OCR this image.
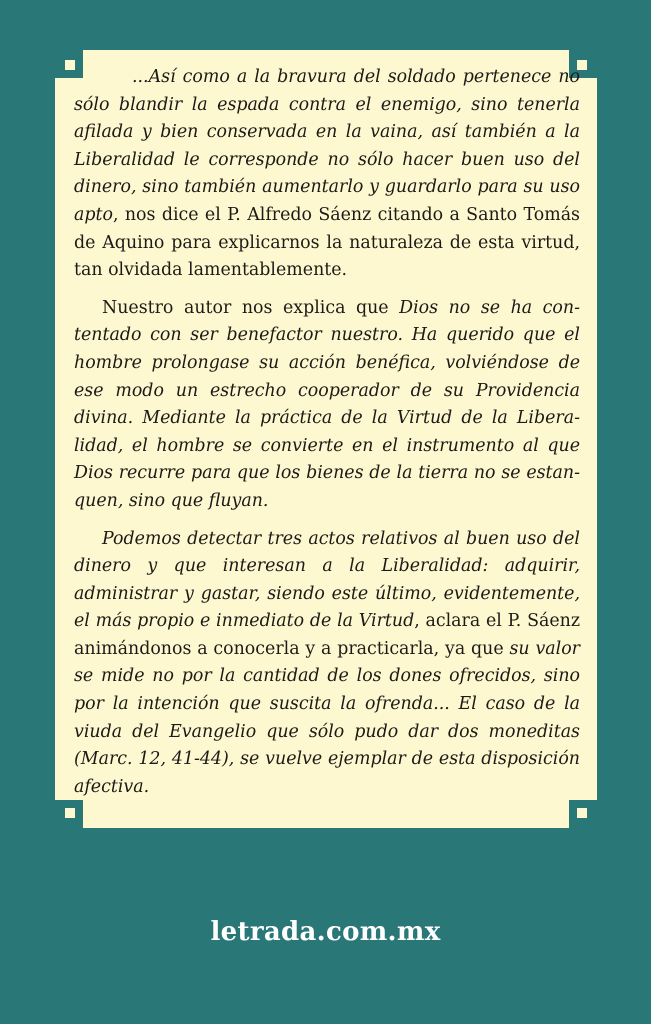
...Así como a la bravura del soldado pertenece no sólo blandir la espada contra el enemigo, sino tenerla afilada y bien conservada en la vaina, así también a la Liberalidad le corresponde no sólo hacer buen uso del dinero, sino también aumentarlo y guardarlo para su uso apto, nos dice el P. Alfredo Sáenz citando a Santo Tomás de Aquino para explicarnos la naturaleza de esta virtud, tan olvidada lamentablemente.

Nuestro autor nos explica que Dios no se ha contentado con ser benefactor nuestro. Ha querido que el hombre prolongase su acción benéfica, volviéndose de ese modo un estrecho cooperador de su Providencia divina. Mediante la práctica de la Virtud de la Liberalidad, el hombre se convierte en el instrumento al que Dios recurre para que los bienes de la tierra no se estanquen, sino que fluyan.

Podemos detectar tres actos relativos al buen uso del dinero y que interesan a la Liberalidad: adquirir, administrar y gastar, siendo este último, evidentemente, el más propio e inmediato de la Virtud, aclara el P. Sáenz animándonos a conocerla y a practicarla, ya que su valor se mide no por la cantidad de los dones ofrecidos, sino por la intención que suscita la ofrenda... El caso de la viuda del Evangelio que sólo pudo dar dos moneditas (Marc. 12, 41-44), se vuelve ejemplar de esta disposición afectiva.

letrada.com.mx
